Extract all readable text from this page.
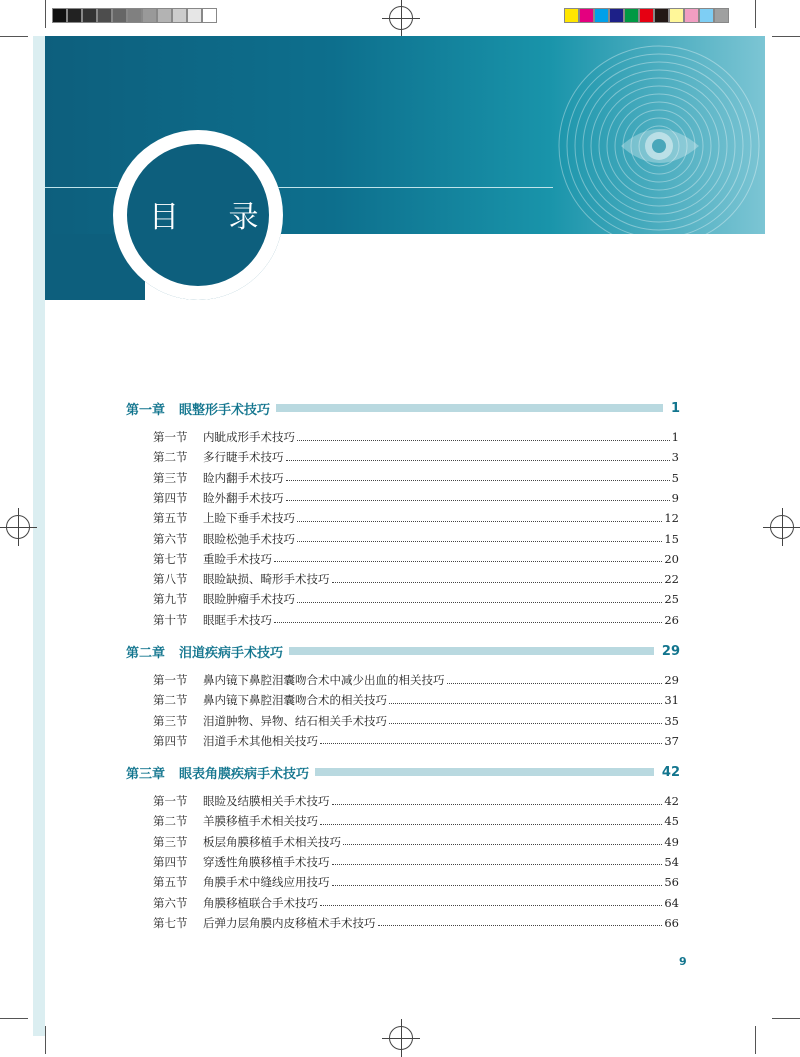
目 录
第一章 眼整形手术技巧	1
第一节	内眦成形手术技巧	1
第二节	多行睫手术技巧	3
第三节	睑内翻手术技巧	5
第四节	睑外翻手术技巧	9
第五节	上睑下垂手术技巧	12
第六节	眼睑松弛手术技巧	15
第七节	重睑手术技巧	20
第八节	眼睑缺损、畸形手术技巧	22
第九节	眼睑肿瘤手术技巧	25
第十节	眼眶手术技巧	26
第二章 泪道疾病手术技巧	29
第一节	鼻内镜下鼻腔泪囊吻合术中减少出血的相关技巧	29
第二节	鼻内镜下鼻腔泪囊吻合术的相关技巧	31
第三节	泪道肿物、异物、结石相关手术技巧	35
第四节	泪道手术其他相关技巧	37
第三章 眼表角膜疾病手术技巧	42
第一节	眼睑及结膜相关手术技巧	42
第二节	羊膜移植手术相关技巧	45
第三节	板层角膜移植手术相关技巧	49
第四节	穿透性角膜移植手术技巧	54
第五节	角膜手术中缝线应用技巧	56
第六节	角膜移植联合手术技巧	64
第七节	后弹力层角膜内皮移植术手术技巧	66
9
